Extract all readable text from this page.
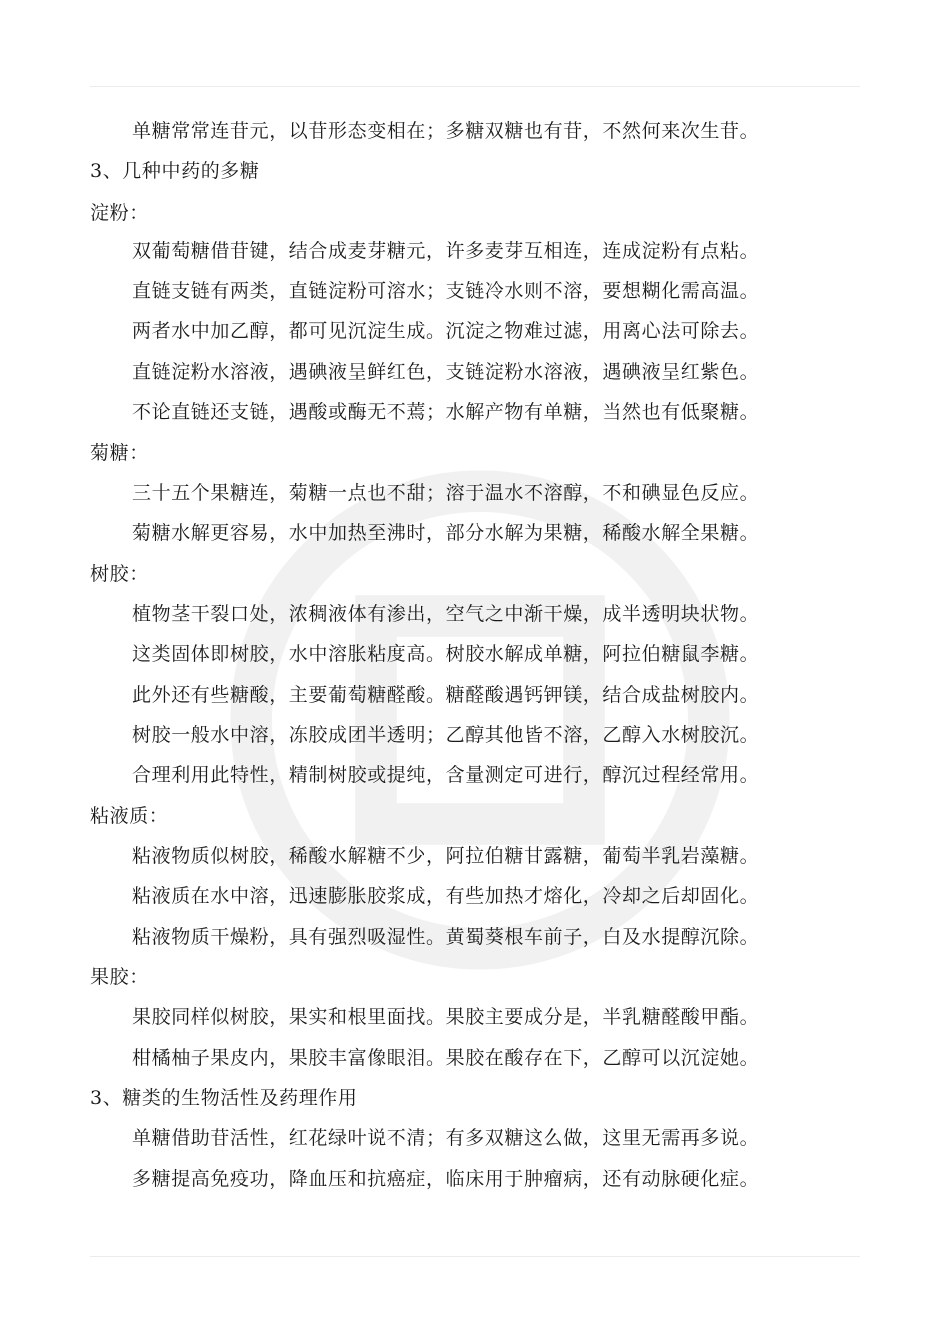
单糖常常连苷元，以苷形态变相在；多糖双糖也有苷，不然何来次生苷。
3、几种中药的多糖
淀粉：
双葡萄糖借苷键，结合成麦芽糖元，许多麦芽互相连，连成淀粉有点粘。
直链支链有两类，直链淀粉可溶水；支链冷水则不溶，要想糊化需高温。
两者水中加乙醇，都可见沉淀生成。沉淀之物难过滤，用离心法可除去。
直链淀粉水溶液，遇碘液呈鲜红色，支链淀粉水溶液，遇碘液呈红紫色。
不论直链还支链，遇酸或酶无不蔫；水解产物有单糖，当然也有低聚糖。
菊糖：
三十五个果糖连，菊糖一点也不甜；溶于温水不溶醇，不和碘显色反应。
菊糖水解更容易，水中加热至沸时，部分水解为果糖，稀酸水解全果糖。
树胶：
植物茎干裂口处，浓稠液体有渗出，空气之中渐干燥，成半透明块状物。
这类固体即树胶，水中溶胀粘度高。树胶水解成单糖，阿拉伯糖鼠李糖。
此外还有些糖酸，主要葡萄糖醛酸。糖醛酸遇钙钾镁，结合成盐树胶内。
树胶一般水中溶，冻胶成团半透明；乙醇其他皆不溶，乙醇入水树胶沉。
合理利用此特性，精制树胶或提纯，含量测定可进行，醇沉过程经常用。
粘液质：
粘液物质似树胶，稀酸水解糖不少，阿拉伯糖甘露糖，葡萄半乳岩藻糖。
粘液质在水中溶，迅速膨胀胶浆成，有些加热才熔化，冷却之后却固化。
粘液物质干燥粉，具有强烈吸湿性。黄蜀葵根车前子，白及水提醇沉除。
果胶：
果胶同样似树胶，果实和根里面找。果胶主要成分是，半乳糖醛酸甲酯。
柑橘柚子果皮内，果胶丰富像眼泪。果胶在酸存在下，乙醇可以沉淀她。
3、糖类的生物活性及药理作用
单糖借助苷活性，红花绿叶说不清；有多双糖这么做，这里无需再多说。
多糖提高免疫功，降血压和抗癌症，临床用于肿瘤病，还有动脉硬化症。
